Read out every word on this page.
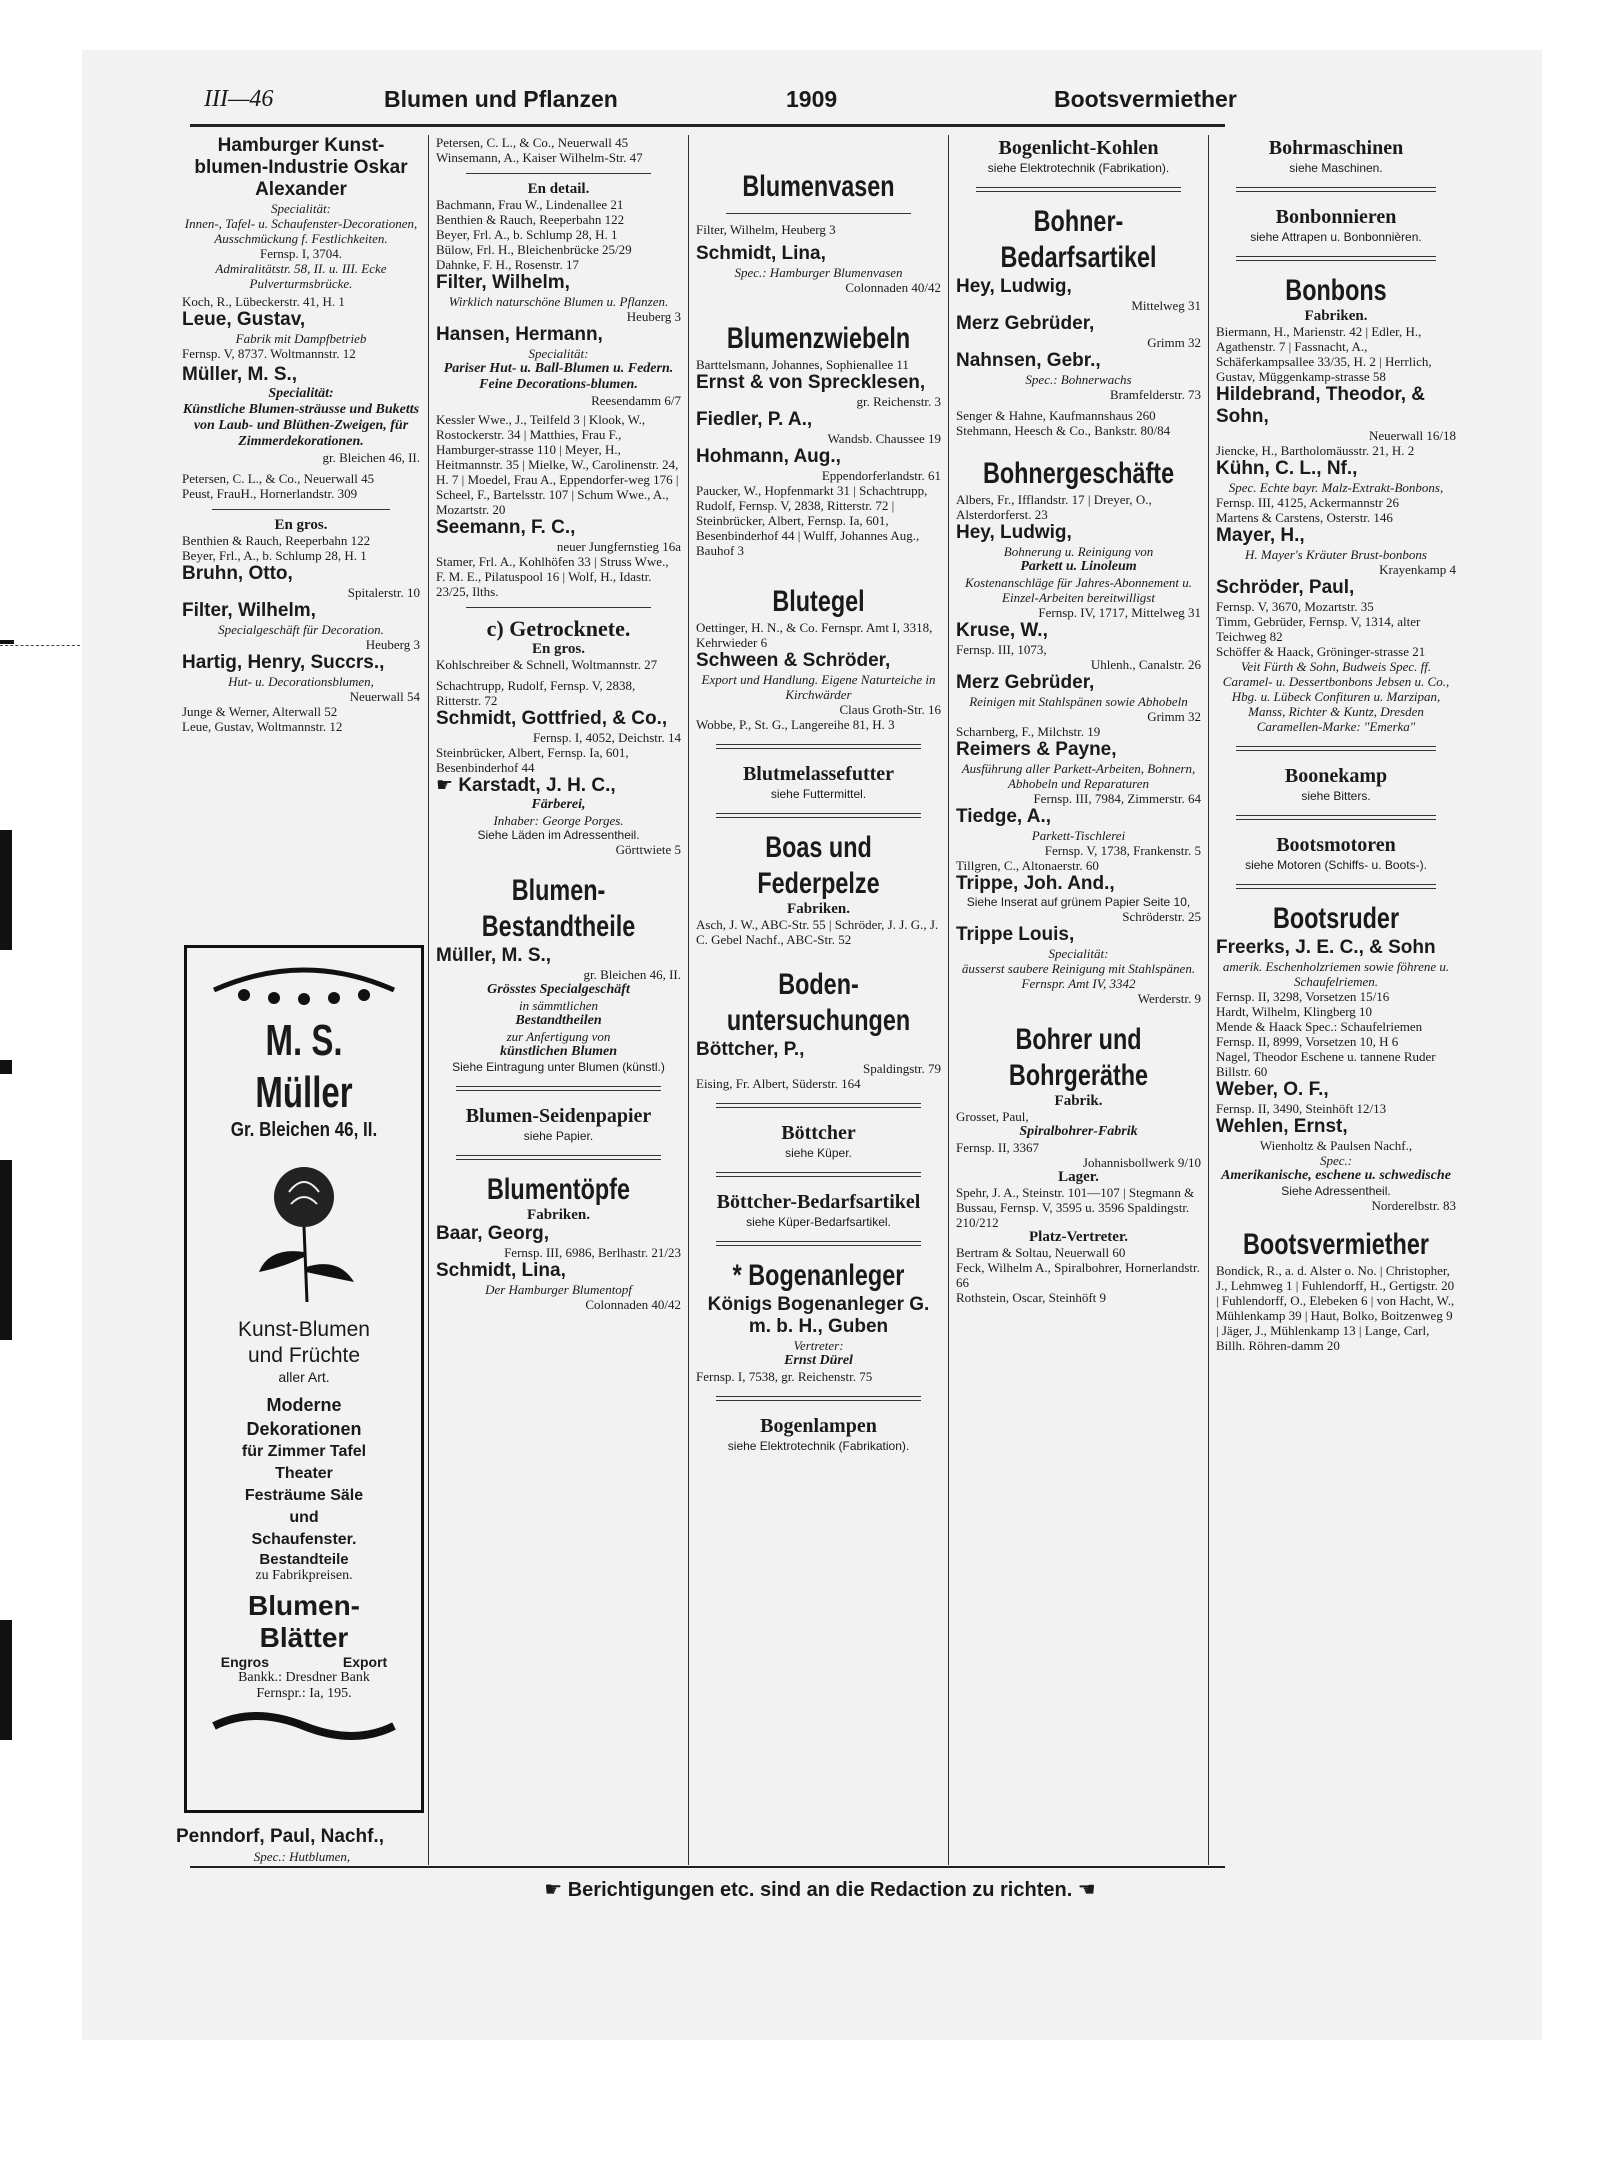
III—46	Blumen und Pflanzen	1909	Bootsvermiether
Hamburger Kunst-blumen-Industrie Oskar Alexander
Specialität:
Innen-, Tafel- u. Schaufenster-Decorationen, Ausschmückung f. Festlichkeiten.
Fernsp. I, 3704.
Admiralitätstr. 58, II. u. III. Ecke Pulverturmsbrücke.
Koch, R., Lübeckerstr. 41, H. 1
Leue, Gustav,
Fabrik mit Dampfbetrieb
Fernsp. V, 8737. Woltmannstr. 12
Müller, M. S.,
Specialität:
Künstliche Blumen-sträusse und Buketts von Laub- und Blüthen-Zweigen, für Zimmerdekorationen.
gr. Bleichen 46, II.
Petersen, C. L., & Co., Neuerwall 45
Peust, FrauH., Hornerlandstr. 309
En gros.
Benthien & Rauch, Reeperbahn 122
Beyer, Frl., A., b. Schlump 28, H. 1
Bruhn, Otto,
Spitalerstr. 10
Filter, Wilhelm,
Specialgeschäft für Decoration.
Heuberg 3
Hartig, Henry, Succrs.,
Hut- u. Decorationsblumen,
Neuerwall 54
Junge & Werner, Alterwall 52
Leue, Gustav, Woltmannstr. 12
M. S. Müller
Gr. Bleichen 46, II.
Kunst-Blumen und Früchte
aller Art.
Moderne Dekorationen
für Zimmer Tafel Theater Festräume Säle und Schaufenster.
Bestandteile
zu Fabrikpreisen.
Blumen-Blätter
Engros Export
Bankk.: Dresdner Bank
Fernspr.: Ia, 195.
Penndorf, Paul, Nachf.,
Spec.: Hutblumen,
Petersen, C. L., & Co., Neuerwall 45
Winsemann, A., Kaiser Wilhelm-Str. 47
En detail.
Bachmann, Frau W., Lindenallee 21
Benthien & Rauch, Reeperbahn 122
Beyer, Frl. A., b. Schlump 28, H. 1
Bülow, Frl. H., Bleichenbrücke 25/29
Dahnke, F. H., Rosenstr. 17
Filter, Wilhelm,
Wirklich naturschöne Blumen u. Pflanzen.
Heuberg 3
Hansen, Hermann,
Specialität:
Pariser Hut- u. Ball-Blumen u. Federn. Feine Decorations-blumen.
Reesendamm 6/7
Kessler Wwe., J., Teilfeld 3 | Klook, W., Rostockerstr. 34 | Matthies, Frau F., Hamburger-strasse 110 | Meyer, H., Heitmannstr. 35 | Mielke, W., Carolinenstr. 24, H. 7 | Moedel, Frau A., Eppendorfer-weg 176 | Scheel, F., Bartelsstr. 107 | Schum Wwe., A., Mozartstr. 20
Seemann, F. C.,
neuer Jungfernstieg 16a
Stamer, Frl. A., Kohlhöfen 33 | Struss Wwe., F. M. E., Pilatuspool 16 | Wolf, H., Idastr. 23/25, Ilths.
c) Getrocknete.
En gros.
Kohlschreiber & Schnell, Woltmannstr. 27
Schachtrupp, Rudolf, Fernsp. V, 2838, Ritterstr. 72
Schmidt, Gottfried, & Co.,
Fernsp. I, 4052, Deichstr. 14
Steinbrücker, Albert, Fernsp. Ia, 601, Besenbinderhof 44
☛ Karstadt, J. H. C.,
Färberei,
Inhaber: George Porges.
Siehe Läden im Adressentheil.
Görttwiete 5
Blumen-Bestandtheile
Müller, M. S.,
gr. Bleichen 46, II.
Grösstes Specialgeschäft
in sämmtlichen
Bestandtheilen
zur Anfertigung von
künstlichen Blumen
Siehe Eintragung unter Blumen (künstl.)
Blumen-Seidenpapier
siehe Papier.
Blumentöpfe
Fabriken.
Baar, Georg,
Fernsp. III, 6986, Berlhastr. 21/23
Schmidt, Lina,
Der Hamburger Blumentopf
Colonnaden 40/42
Blumenvasen
Filter, Wilhelm, Heuberg 3
Schmidt, Lina,
Spec.: Hamburger Blumenvasen
Colonnaden 40/42
Blumenzwiebeln
Barttelsmann, Johannes, Sophienallee 11
Ernst & von Sprecklesen,
gr. Reichenstr. 3
Fiedler, P. A.,
Wandsb. Chaussee 19
Hohmann, Aug.,
Eppendorferlandstr. 61
Paucker, W., Hopfenmarkt 31 | Schachtrupp, Rudolf, Fernsp. V, 2838, Ritterstr. 72 | Steinbrücker, Albert, Fernsp. Ia, 601, Besenbinderhof 44 | Wulff, Johannes Aug., Bauhof 3
Blutegel
Oettinger, H. N., & Co. Fernspr. Amt I, 3318, Kehrwieder 6
Schween & Schröder,
Export und Handlung. Eigene Naturteiche in Kirchwärder
Claus Groth-Str. 16
Wobbe, P., St. G., Langereihe 81, H. 3
Blutmelassefutter
siehe Futtermittel.
Boas und Federpelze
Fabriken.
Asch, J. W., ABC-Str. 55 | Schröder, J. J. G., J. C. Gebel Nachf., ABC-Str. 52
Boden-untersuchungen
Böttcher, P.,
Spaldingstr. 79
Eising, Fr. Albert, Süderstr. 164
Böttcher
siehe Küper.
Böttcher-Bedarfsartikel
siehe Küper-Bedarfsartikel.
* Bogenanleger
Königs Bogenanleger G. m. b. H., Guben
Vertreter:
Ernst Dürel
Fernsp. I, 7538, gr. Reichenstr. 75
Bogenlampen
siehe Elektrotechnik (Fabrikation).
Bogenlicht-Kohlen
siehe Elektrotechnik (Fabrikation).
Bohner-Bedarfsartikel
Hey, Ludwig,
Mittelweg 31
Merz Gebrüder,
Grimm 32
Nahnsen, Gebr.,
Spec.: Bohnerwachs
Bramfelderstr. 73
Senger & Hahne, Kaufmannshaus 260
Stehmann, Heesch & Co., Bankstr. 80/84
Bohnergeschäfte
Albers, Fr., Ifflandstr. 17 | Dreyer, O., Alsterdorferst. 23
Hey, Ludwig,
Bohnerung u. Reinigung von
Parkett u. Linoleum
Kostenanschläge für Jahres-Abonnement u. Einzel-Arbeiten bereitwilligst
Fernsp. IV, 1717, Mittelweg 31
Kruse, W.,
Fernsp. III, 1073,
Uhlenh., Canalstr. 26
Merz Gebrüder,
Reinigen mit Stahlspänen sowie Abhobeln
Grimm 32
Scharnberg, F., Milchstr. 19
Reimers & Payne,
Ausführung aller Parkett-Arbeiten, Bohnern, Abhobeln und Reparaturen
Fernsp. III, 7984, Zimmerstr. 64
Tiedge, A.,
Parkett-Tischlerei
Fernsp. V, 1738, Frankenstr. 5
Tillgren, C., Altonaerstr. 60
Trippe, Joh. And.,
Siehe Inserat auf grünem Papier Seite 10,
Schröderstr. 25
Trippe Louis,
Specialität:
äusserst saubere Reinigung mit Stahlspänen.
Fernspr. Amt IV, 3342
Werderstr. 9
Bohrer und Bohrgeräthe
Fabrik.
Grosset, Paul,
Spiralbohrer-Fabrik
Fernsp. II, 3367
Johannisbollwerk 9/10
Lager.
Spehr, J. A., Steinstr. 101—107 | Stegmann & Bussau, Fernsp. V, 3595 u. 3596 Spaldingstr. 210/212
Platz-Vertreter.
Bertram & Soltau, Neuerwall 60
Feck, Wilhelm A., Spiralbohrer, Hornerlandstr. 66
Rothstein, Oscar, Steinhöft 9
Bohrmaschinen
siehe Maschinen.
Bonbonnieren
siehe Attrapen u. Bonbonnièren.
Bonbons
Fabriken.
Biermann, H., Marienstr. 42 | Edler, H., Agathenstr. 7 | Fassnacht, A., Schäferkampsallee 33/35, H. 2 | Herrlich, Gustav, Müggenkamp-strasse 58
Hildebrand, Theodor, & Sohn,
Neuerwall 16/18
Jiencke, H., Bartholomäusstr. 21, H. 2
Kühn, C. L., Nf.,
Spec. Echte bayr. Malz-Extrakt-Bonbons,
Fernsp. III, 4125, Ackermannstr 26
Martens & Carstens, Osterstr. 146
Mayer, H.,
H. Mayer's Kräuter Brust-bonbons
Krayenkamp 4
Schröder, Paul,
Fernsp. V, 3670, Mozartstr. 35
Timm, Gebrüder, Fernsp. V, 1314, alter Teichweg 82
Schöffer & Haack, Gröninger-strasse 21
Veit Fürth & Sohn, Budweis Spec. ff. Caramel- u. Dessertbonbons Jebsen u. Co., Hbg. u. Lübeck Confituren u. Marzipan, Manss, Richter & Kuntz, Dresden Caramellen-Marke: "Emerka"
Boonekamp
siehe Bitters.
Bootsmotoren
siehe Motoren (Schiffs- u. Boots-).
Bootsruder
Freerks, J. E. C., & Sohn
amerik. Eschenholzriemen sowie föhrene u. Schaufelriemen.
Fernsp. II, 3298, Vorsetzen 15/16
Hardt, Wilhelm, Klingberg 10
Mende & Haack Spec.: Schaufelriemen Fernsp. II, 8999, Vorsetzen 10, H 6
Nagel, Theodor Eschene u. tannene Ruder Billstr. 60
Weber, O. F.,
Fernsp. II, 3490, Steinhöft 12/13
Wehlen, Ernst,
Wienholtz & Paulsen Nachf.,
Spec.:
Amerikanische, eschene u. schwedische
Siehe Adressentheil.
Norderelbstr. 83
Bootsvermiether
Bondick, R., a. d. Alster o. No. | Christopher, J., Lehmweg 1 | Fuhlendorff, H., Gertigstr. 20 | Fuhlendorff, O., Elebeken 6 | von Hacht, W., Mühlenkamp 39 | Haut, Bolko, Boitzenweg 9 | Jäger, J., Mühlenkamp 13 | Lange, Carl, Billh. Röhren-damm 20
☛ Berichtigungen etc. sind an die Redaction zu richten. ☚
